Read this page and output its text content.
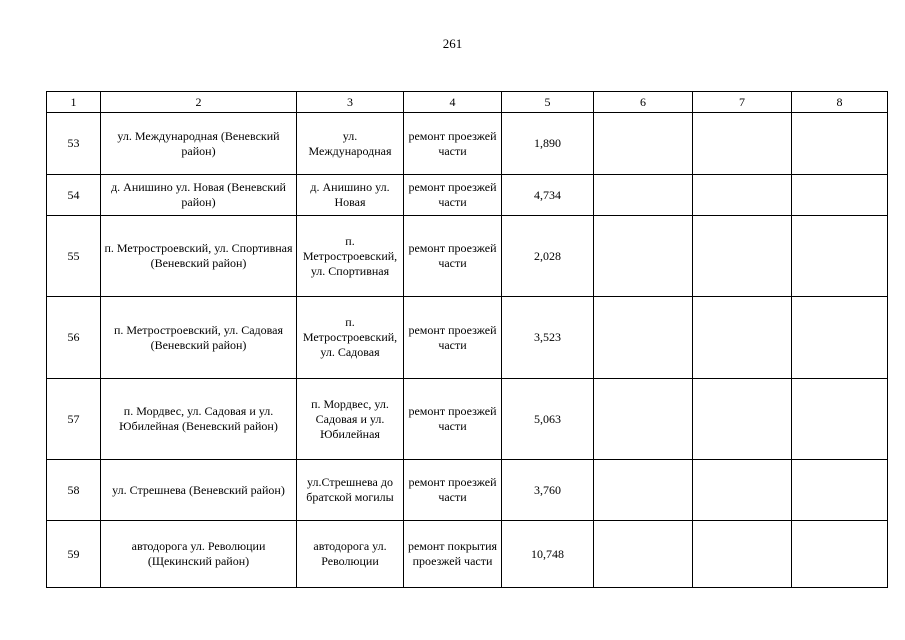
261
1	2	3	4	5	6	7	8
53	ул. Международная (Веневский район)	ул. Международная	ремонт проезжей части	1,890			
54	д. Анишино ул. Новая (Веневский район)	д. Анишино ул. Новая	ремонт проезжей части	4,734			
55	п. Метростроевский, ул. Спортивная (Веневский район)	п. Метростроевский, ул. Спортивная	ремонт проезжей части	2,028			
56	п. Метростроевский, ул. Садовая (Веневский район)	п. Метростроевский, ул. Садовая	ремонт проезжей части	3,523			
57	п. Мордвес, ул. Садовая и ул. Юбилейная (Веневский район)	п. Мордвес, ул. Садовая и ул. Юбилейная	ремонт проезжей части	5,063			
58	ул. Стрешнева (Веневский район)	ул.Стрешнева до братской могилы	ремонт проезжей части	3,760			
59	автодорога ул. Революции (Щекинский район)	автодорога ул. Революции	ремонт покрытия проезжей части	10,748			
